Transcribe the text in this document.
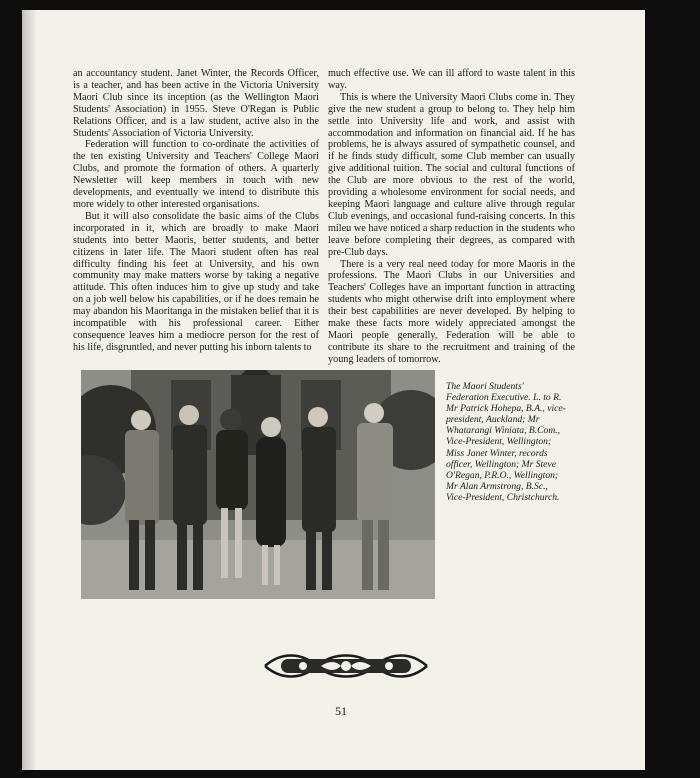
an accountancy student. Janet Winter, the Records Officer, is a teacher, and has been active in the Victoria University Maori Club since its inception (as the Wellington Maori Students' Association) in 1955. Steve O'Regan is Public Relations Officer, and is a law student, active also in the Students' Association of Victoria University.

Federation will function to co-ordinate the activities of the ten existing University and Teachers' College Maori Clubs, and promote the formation of others. A quarterly Newsletter will keep members in touch with new developments, and eventually we intend to distribute this more widely to other interested organisations.

But it will also consolidate the basic aims of the Clubs incorporated in it, which are broadly to make Maori students into better Maoris, better students, and better citizens in later life. The Maori student often has real difficulty finding his feet at University, and his own community may make matters worse by taking a negative attitude. This often induces him to give up study and take on a job well below his capabilities, or if he does remain he may abandon his Maoritanga in the mistaken belief that it is incompatible with his professional career. Either consequence leaves him a mediocre person for the rest of his life, disgruntled, and never putting his inborn talents to

much effective use. We can ill afford to waste talent in this way.

This is where the University Maori Clubs come in. They give the new student a group to belong to. They help him settle into University life and work, and assist with accommodation and information on financial aid. If he has problems, he is always assured of sympathetic counsel, and if he finds study difficult, some Club member can usually give additional tuition. The social and cultural functions of the Club are more obvious to the rest of the world, providing a wholesome environment for social needs, and keeping Maori language and culture alive through regular Club evenings, and occasional fund-raising concerts. In this mileu we have noticed a sharp reduction in the students who leave before completing their degrees, as compared with pre-Club days.

There is a very real need today for more Maoris in the professions. The Maori Clubs in our Universities and Teachers' Colleges have an important function in attracting students who might otherwise drift into employment where their best capabilities are never developed. By helping to make these facts more widely appreciated amongst the Maori people generally, Federation will be able to contribute its share to the recruitment and training of the young leaders of tomorrow.

The Maori Students' Federation Executive. L. to R. Mr Patrick Hohepa, B.A., vice-president, Auckland; Mr Whatarangi Winiata, B.Com., Vice-President, Wellington; Miss Janet Winter, records officer, Wellington; Mr Steve O'Regan, P.R.O., Wellington; Mr Alan Armstrong, B.Sc., Vice-President, Christchurch.

51
